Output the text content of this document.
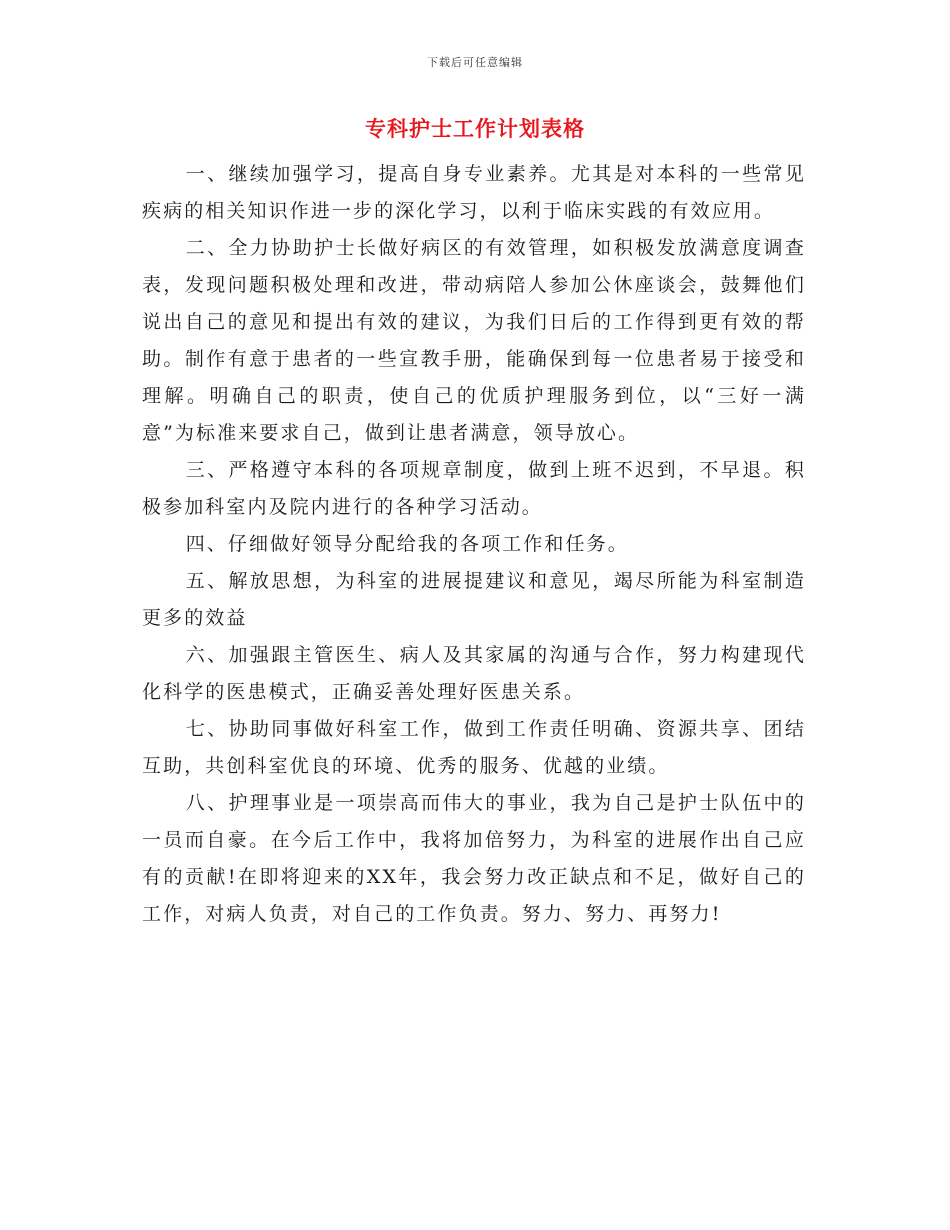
下载后可任意编辑
专科护士工作计划表格

一、继续加强学习，提高自身专业素养。尤其是对本科的一些常见疾病的相关知识作进一步的深化学习，以利于临床实践的有效应用。

二、全力协助护士长做好病区的有效管理，如积极发放满意度调查表，发现问题积极处理和改进，带动病陪人参加公休座谈会，鼓舞他们说出自己的意见和提出有效的建议，为我们日后的工作得到更有效的帮助。制作有意于患者的一些宣教手册，能确保到每一位患者易于接受和理解。明确自己的职责，使自己的优质护理服务到位，以“三好一满意”为标准来要求自己，做到让患者满意，领导放心。

三、严格遵守本科的各项规章制度，做到上班不迟到，不早退。积极参加科室内及院内进行的各种学习活动。

四、仔细做好领导分配给我的各项工作和任务。

五、解放思想，为科室的进展提建议和意见，竭尽所能为科室制造更多的效益

六、加强跟主管医生、病人及其家属的沟通与合作，努力构建现代化科学的医患模式，正确妥善处理好医患关系。

七、协助同事做好科室工作，做到工作责任明确、资源共享、团结互助，共创科室优良的环境、优秀的服务、优越的业绩。

八、护理事业是一项崇高而伟大的事业，我为自己是护士队伍中的一员而自豪。在今后工作中，我将加倍努力，为科室的进展作出自己应有的贡献!在即将迎来的XX年，我会努力改正缺点和不足，做好自己的工作，对病人负责，对自己的工作负责。努力、努力、再努力!
